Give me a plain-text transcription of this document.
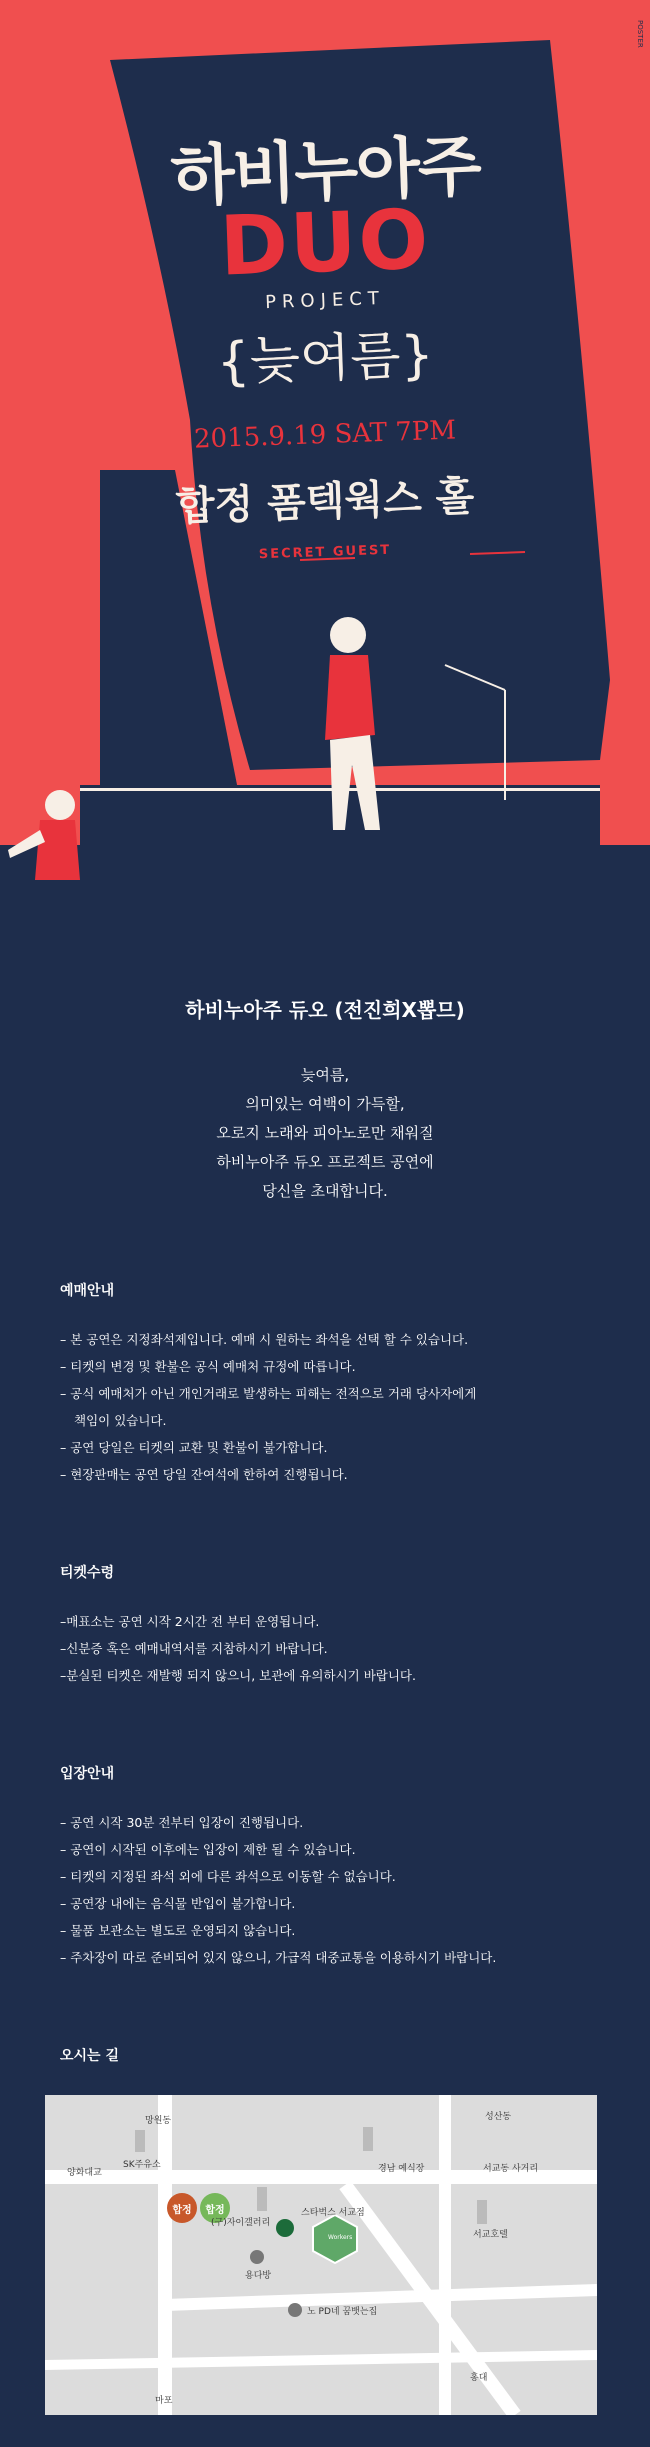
하비누아주
DUO
PROJECT
{늦여름}
2015.9.19 SAT 7PM
합정 폼텍웍스 홀
SECRET GUEST
POSTER
하비누아주 듀오 (전진희X뽑므)
늦여름,
의미있는 여백이 가득할,
오로지 노래와 피아노로만 채워질
하비누아주 듀오 프로젝트 공연에
당신을 초대합니다.
예매안내
– 본 공연은 지정좌석제입니다. 예매 시 원하는 좌석을 선택 할 수 있습니다.
– 티켓의 변경 및 환불은 공식 예매처 규정에 따릅니다.
– 공식 예매처가 아닌 개인거래로 발생하는 피해는 전적으로 거래 당사자에게
책임이 있습니다.
– 공연 당일은 티켓의 교환 및 환불이 불가합니다.
– 현장판매는 공연 당일 잔여석에 한하여 진행됩니다.
티켓수령
–매표소는 공연 시작 2시간 전 부터 운영됩니다.
–신분증 혹은 예매내역서를 지참하시기 바랍니다.
–분실된 티켓은 재발행 되지 않으니, 보관에 유의하시기 바랍니다.
입장안내
– 공연 시작 30분 전부터 입장이 진행됩니다.
– 공연이 시작된 이후에는 입장이 제한 될 수 있습니다.
– 티켓의 지정된 좌석 외에 다른 좌석으로 이동할 수 없습니다.
– 공연장 내에는 음식물 반입이 불가합니다.
– 물품 보관소는 별도로 운영되지 않습니다.
– 주차장이 따로 준비되어 있지 않으니, 가급적 대중교통을 이용하시기 바랍니다.
오시는 길
합정	합정
Workers
망원동	성산동
양화대교
SK주유소	경남 예식장	서교동 사거리
(구)자이갤러리
스타벅스 서교점
서교호텔
용다방
노 PD네 꿈뱃는집
홍대
마포
